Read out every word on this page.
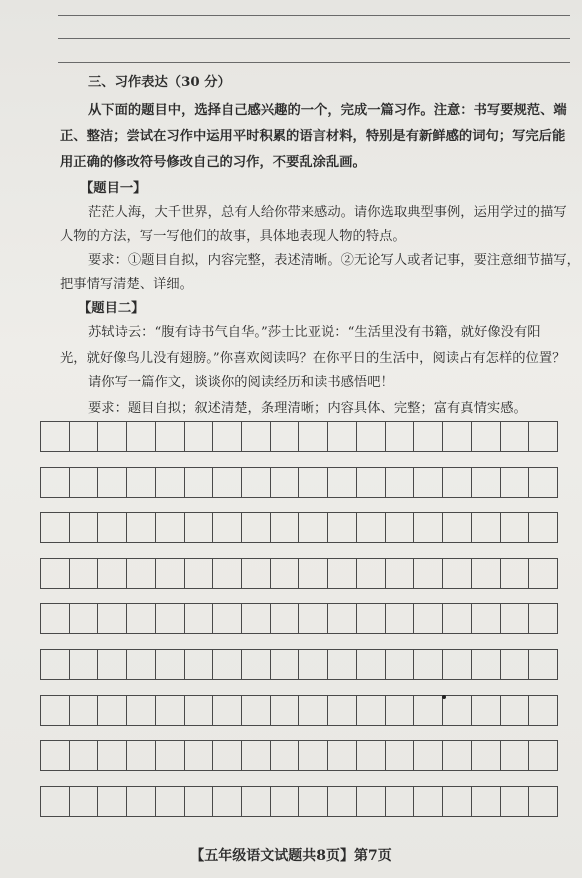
三、习作表达（30 分）
从下面的题目中，选择自己感兴趣的一个，完成一篇习作。注意：书写要规范、端
正、整洁；尝试在习作中运用平时积累的语言材料，特别是有新鲜感的词句；写完后能
用正确的修改符号修改自己的习作，不要乱涂乱画。
【题目一】
茫茫人海，大千世界，总有人给你带来感动。请你选取典型事例，运用学过的描写
人物的方法，写一写他们的故事，具体地表现人物的特点。
要求：①题目自拟，内容完整，表述清晰。②无论写人或者记事，要注意细节描写，
把事情写清楚、详细。
【题目二】
苏轼诗云：“腹有诗书气自华。”莎士比亚说：“生活里没有书籍，就好像没有阳
光，就好像鸟儿没有翅膀。”你喜欢阅读吗？在你平日的生活中，阅读占有怎样的位置？
请你写一篇作文，谈谈你的阅读经历和读书感悟吧！
要求：题目自拟；叙述清楚，条理清晰；内容具体、完整；富有真情实感。
【五年级语文试题共8页】第7页
